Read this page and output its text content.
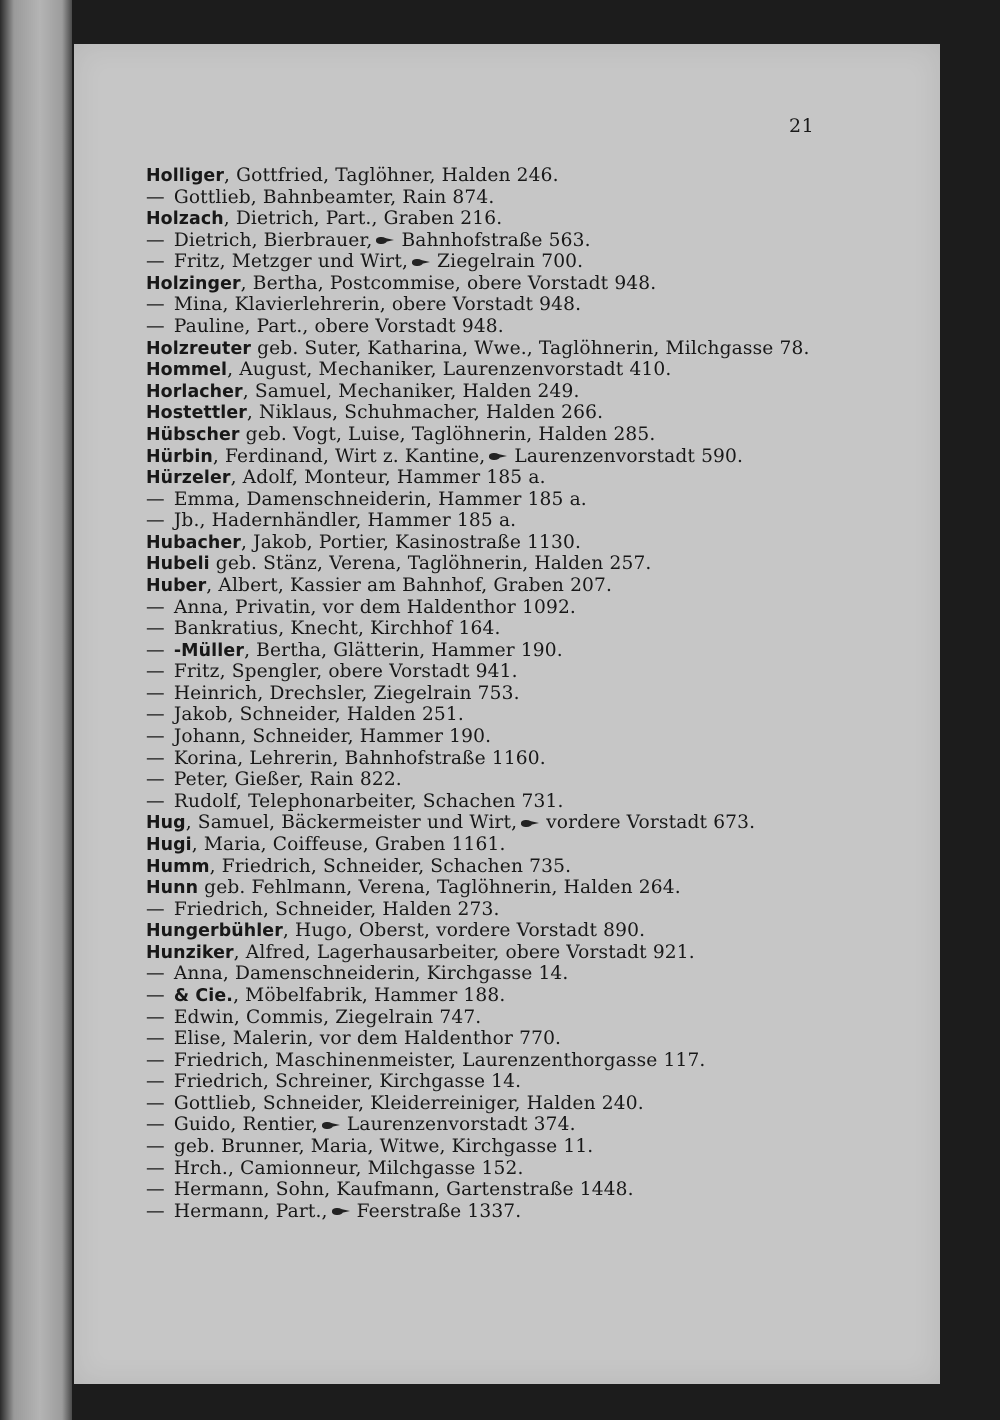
21
Holliger, Gottfried, Taglöhner, Halden 246.
— Gottlieb, Bahnbeamter, Rain 874.
Holzach, Dietrich, Part., Graben 216.
— Dietrich, Bierbrauer, Bahnhofstraße 563.
— Fritz, Metzger und Wirt, Ziegelrain 700.
Holzinger, Bertha, Postcommise, obere Vorstadt 948.
— Mina, Klavierlehrerin, obere Vorstadt 948.
— Pauline, Part., obere Vorstadt 948.
Holzreuter geb. Suter, Katharina, Wwe., Taglöhnerin, Milchgasse 78.
Hommel, August, Mechaniker, Laurenzenvorstadt 410.
Horlacher, Samuel, Mechaniker, Halden 249.
Hostettler, Niklaus, Schuhmacher, Halden 266.
Hübscher geb. Vogt, Luise, Taglöhnerin, Halden 285.
Hürbin, Ferdinand, Wirt z. Kantine, Laurenzenvorstadt 590.
Hürzeler, Adolf, Monteur, Hammer 185 a.
— Emma, Damenschneiderin, Hammer 185 a.
— Jb., Hadernhändler, Hammer 185 a.
Hubacher, Jakob, Portier, Kasinostraße 1130.
Hubeli geb. Stänz, Verena, Taglöhnerin, Halden 257.
Huber, Albert, Kassier am Bahnhof, Graben 207.
— Anna, Privatin, vor dem Haldenthor 1092.
— Bankratius, Knecht, Kirchhof 164.
— -Müller, Bertha, Glätterin, Hammer 190.
— Fritz, Spengler, obere Vorstadt 941.
— Heinrich, Drechsler, Ziegelrain 753.
— Jakob, Schneider, Halden 251.
— Johann, Schneider, Hammer 190.
— Korina, Lehrerin, Bahnhofstraße 1160.
— Peter, Gießer, Rain 822.
— Rudolf, Telephonarbeiter, Schachen 731.
Hug, Samuel, Bäckermeister und Wirt, vordere Vorstadt 673.
Hugi, Maria, Coiffeuse, Graben 1161.
Humm, Friedrich, Schneider, Schachen 735.
Hunn geb. Fehlmann, Verena, Taglöhnerin, Halden 264.
— Friedrich, Schneider, Halden 273.
Hungerbühler, Hugo, Oberst, vordere Vorstadt 890.
Hunziker, Alfred, Lagerhausarbeiter, obere Vorstadt 921.
— Anna, Damenschneiderin, Kirchgasse 14.
— & Cie., Möbelfabrik, Hammer 188.
— Edwin, Commis, Ziegelrain 747.
— Elise, Malerin, vor dem Haldenthor 770.
— Friedrich, Maschinenmeister, Laurenzenthorgasse 117.
— Friedrich, Schreiner, Kirchgasse 14.
— Gottlieb, Schneider, Kleiderreiniger, Halden 240.
— Guido, Rentier, Laurenzenvorstadt 374.
— geb. Brunner, Maria, Witwe, Kirchgasse 11.
— Hrch., Camionneur, Milchgasse 152.
— Hermann, Sohn, Kaufmann, Gartenstraße 1448.
— Hermann, Part., Feerstraße 1337.
